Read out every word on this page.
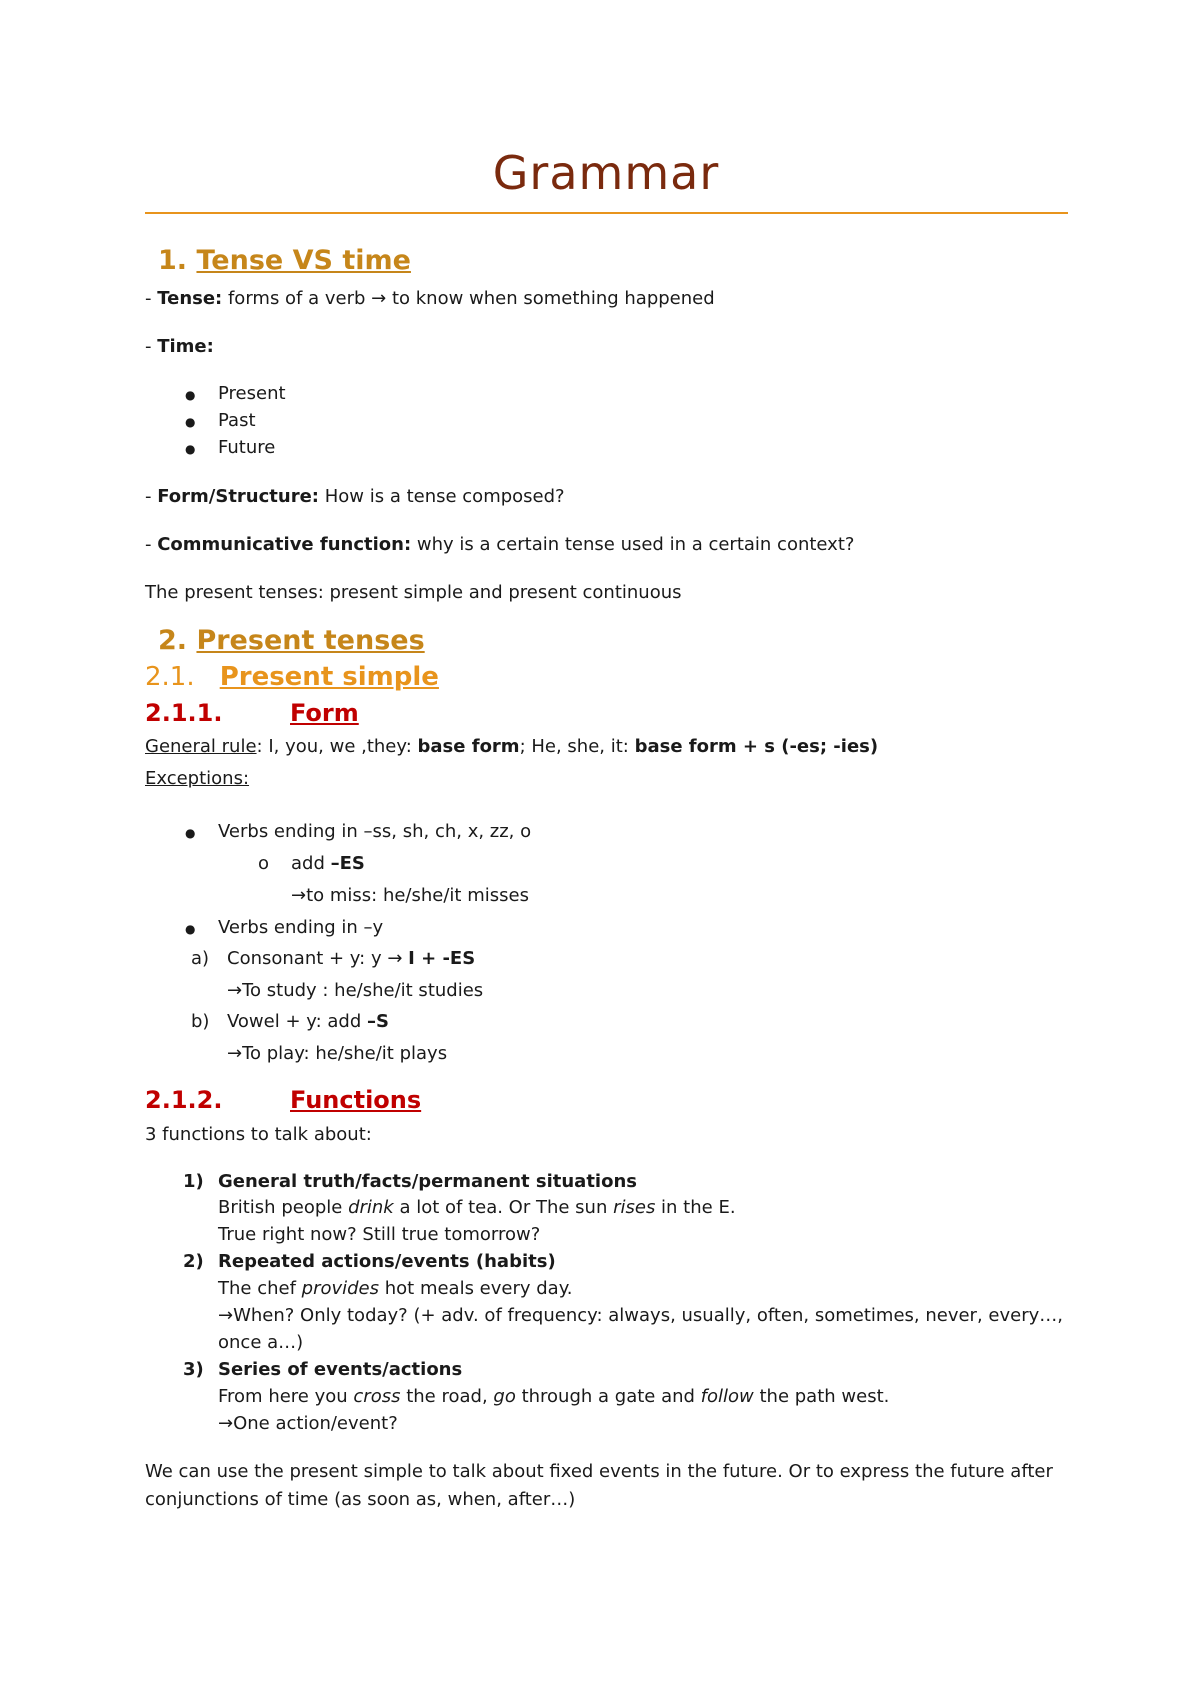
Grammar
1. Tense VS time
- Tense: forms of a verb → to know when something happened
- Time:
● Present
● Past
● Future
- Form/Structure: How is a tense composed?
- Communicative function: why is a certain tense used in a certain context?
The present tenses: present simple and present continuous
2. Present tenses
2.1. Present simple
2.1.1.	Form
General rule: I, you, we ,they: base form; He, she, it: base form + s (-es; -ies)
Exceptions:
● Verbs ending in –ss, sh, ch, x, zz, o
o add –ES
→to miss: he/she/it misses
● Verbs ending in –y
a) Consonant + y: y → I + -ES
→To study : he/she/it studies
b) Vowel + y: add –S
→To play: he/she/it plays
2.1.2.	Functions
3 functions to talk about:
1) General truth/facts/permanent situations
British people drink a lot of tea. Or The sun rises in the E.
True right now? Still true tomorrow?
2) Repeated actions/events (habits)
The chef provides hot meals every day.
→When? Only today? (+ adv. of frequency: always, usually, often, sometimes, never, every…,
once a…)
3) Series of events/actions
From here you cross the road, go through a gate and follow the path west.
→One action/event?
We can use the present simple to talk about fixed events in the future. Or to express the future after
conjunctions of time (as soon as, when, after…)
